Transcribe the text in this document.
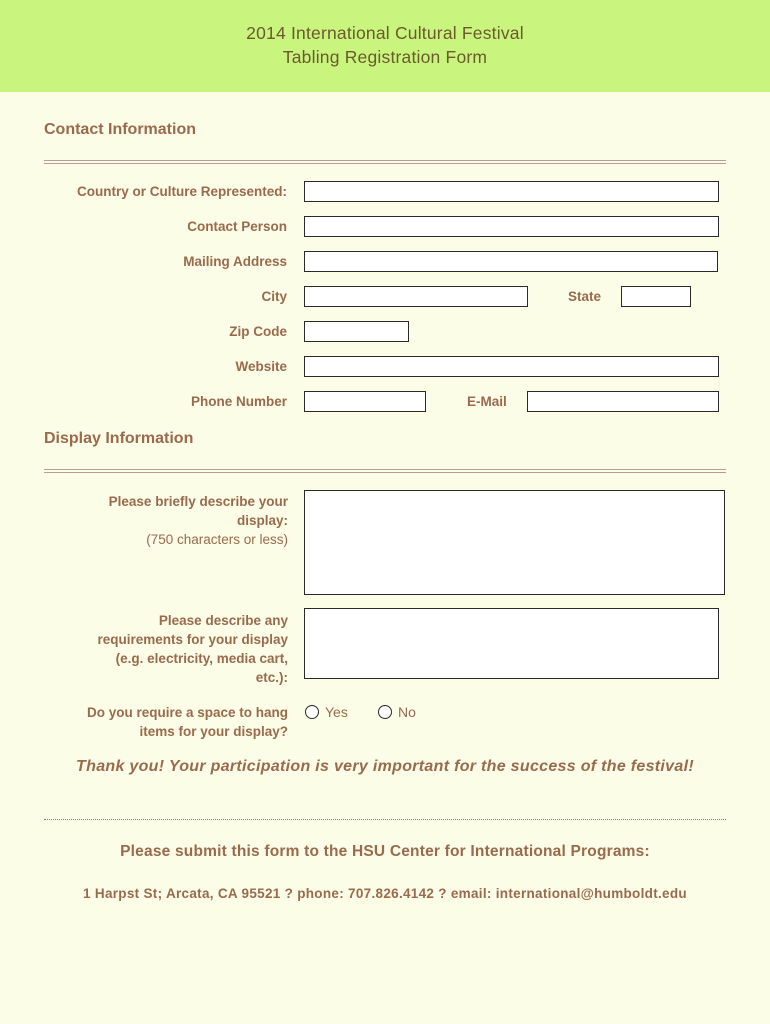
2014 International Cultural Festival
Tabling Registration Form
Contact Information
Country or Culture Represented:
Contact Person
Mailing Address
City	State
Zip Code
Website
Phone Number	E-Mail
Display Information
Please briefly describe your
display:
(750 characters or less)
Please describe any
requirements for your display
(e.g. electricity, media cart,
etc.):
Do you require a space to hang
items for your display?
Yes	No
Thank you! Your participation is very important for the success of the festival!
Please submit this form to the HSU Center for International Programs:
1 Harpst St; Arcata, CA 95521 ? phone: 707.826.4142 ? email: international@humboldt.edu
